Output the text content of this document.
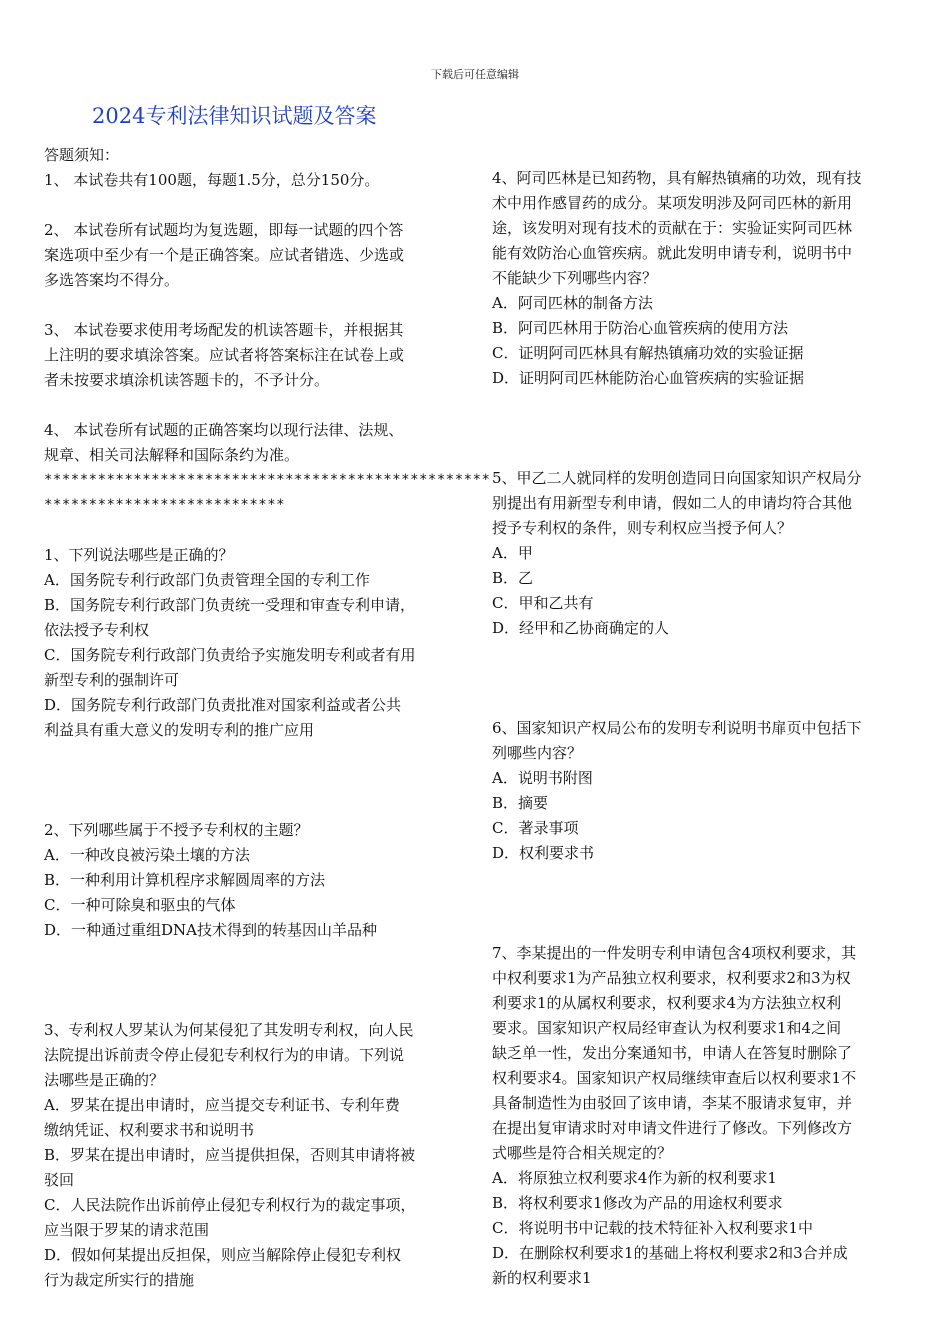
下载后可任意编辑
2024专利法律知识试题及答案
答题须知：
1、 本试卷共有100题，每题1.5分，总分150分。
2、 本试卷所有试题均为复选题，即每一试题的四个答
案选项中至少有一个是正确答案。应试者错选、少选或
多选答案均不得分。
3、 本试卷要求使用考场配发的机读答题卡，并根据其
上注明的要求填涂答案。应试者将答案标注在试卷上或
者未按要求填涂机读答题卡的，不予计分。
4、 本试卷所有试题的正确答案均以现行法律、法规、
规章、相关司法解释和国际条约为准。
**************************************************
***************************
1、下列说法哪些是正确的？
A．国务院专利行政部门负责管理全国的专利工作
B．国务院专利行政部门负责统一受理和审查专利申请，
依法授予专利权
C．国务院专利行政部门负责给予实施发明专利或者有用
新型专利的强制许可
D．国务院专利行政部门负责批准对国家利益或者公共
利益具有重大意义的发明专利的推广应用
2、下列哪些属于不授予专利权的主题？
A．一种改良被污染土壤的方法
B．一种利用计算机程序求解圆周率的方法
C．一种可除臭和驱虫的气体
D．一种通过重组DNA技术得到的转基因山羊品种
3、专利权人罗某认为何某侵犯了其发明专利权，向人民
法院提出诉前责令停止侵犯专利权行为的申请。下列说
法哪些是正确的？
A．罗某在提出申请时，应当提交专利证书、专利年费
缴纳凭证、权利要求书和说明书
B．罗某在提出申请时，应当提供担保，否则其申请将被
驳回
C．人民法院作出诉前停止侵犯专利权行为的裁定事项，
应当限于罗某的请求范围
D．假如何某提出反担保，则应当解除停止侵犯专利权
行为裁定所实行的措施
4、阿司匹林是已知药物，具有解热镇痛的功效，现有技
术中用作感冒药的成分。某项发明涉及阿司匹林的新用
途，该发明对现有技术的贡献在于：实验证实阿司匹林
能有效防治心血管疾病。就此发明申请专利，说明书中
不能缺少下列哪些内容？
A．阿司匹林的制备方法
B．阿司匹林用于防治心血管疾病的使用方法
C．证明阿司匹林具有解热镇痛功效的实验证据
D．证明阿司匹林能防治心血管疾病的实验证据
5、甲乙二人就同样的发明创造同日向国家知识产权局分
别提出有用新型专利申请，假如二人的申请均符合其他
授予专利权的条件，则专利权应当授予何人？
A．甲
B．乙
C．甲和乙共有
D．经甲和乙协商确定的人
6、国家知识产权局公布的发明专利说明书扉页中包括下
列哪些内容？
A．说明书附图
B．摘要
C．著录事项
D．权利要求书
7、李某提出的一件发明专利申请包含4项权利要求，其
中权利要求1为产品独立权利要求，权利要求2和3为权
利要求1的从属权利要求，权利要求4为方法独立权利
要求。国家知识产权局经审查认为权利要求1和4之间
缺乏单一性，发出分案通知书，申请人在答复时删除了
权利要求4。国家知识产权局继续审查后以权利要求1不
具备制造性为由驳回了该申请，李某不服请求复审，并
在提出复审请求时对申请文件进行了修改。下列修改方
式哪些是符合相关规定的？
A．将原独立权利要求4作为新的权利要求1
B．将权利要求1修改为产品的用途权利要求
C．将说明书中记载的技术特征补入权利要求1中
D．在删除权利要求1的基础上将权利要求2和3合并成
新的权利要求1
